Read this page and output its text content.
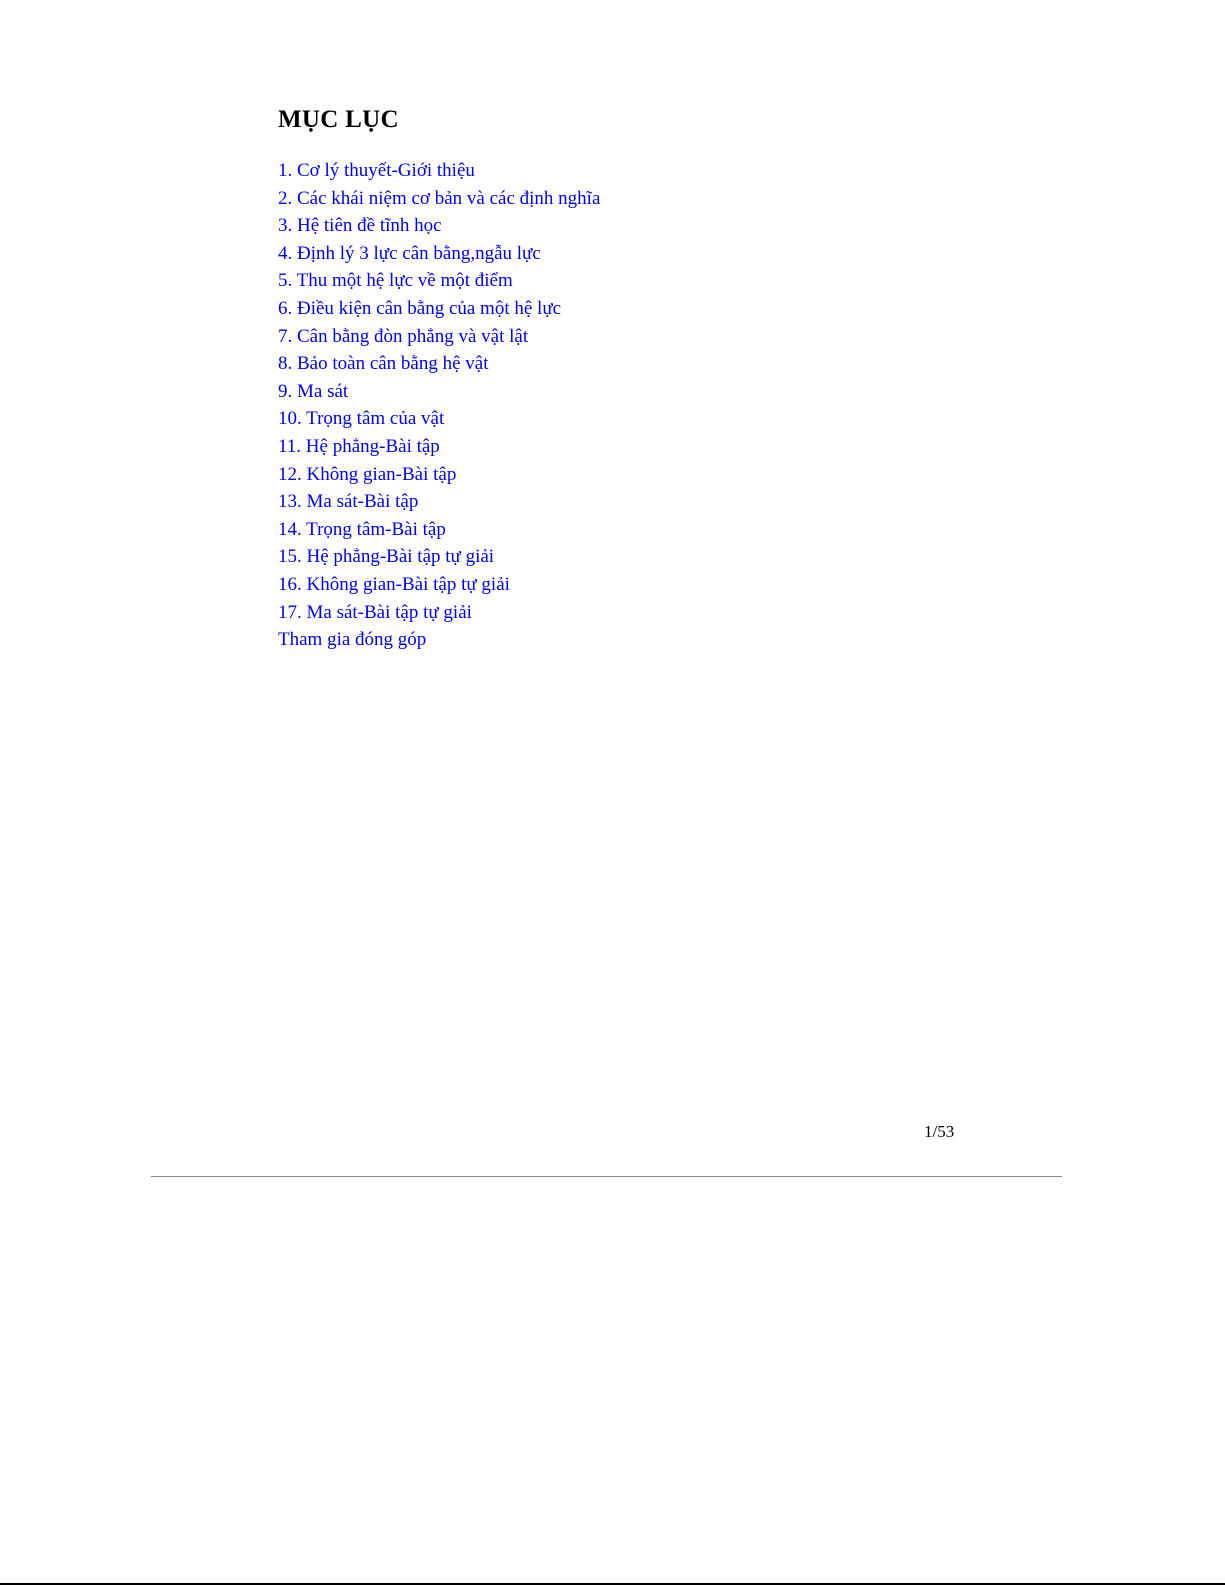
MỤC LỤC
1. Cơ lý thuyết-Giới thiệu
2. Các khái niệm cơ bản và các định nghĩa
3. Hệ tiên đề tĩnh học
4. Định lý 3 lực cân bằng,ngẫu lực
5. Thu một hệ lực về một điểm
6. Điều kiện cân bằng của một hệ lực
7. Cân bằng đòn phẳng và vật lật
8. Bảo toàn cân bằng hệ vật
9. Ma sát
10. Trọng tâm của vật
11. Hệ phẳng-Bài tập
12. Không gian-Bài tập
13. Ma sát-Bài tập
14. Trọng tâm-Bài tập
15. Hệ phẳng-Bài tập tự giải
16. Không gian-Bài tập tự giải
17. Ma sát-Bài tập tự giải
Tham gia đóng góp
1/53
